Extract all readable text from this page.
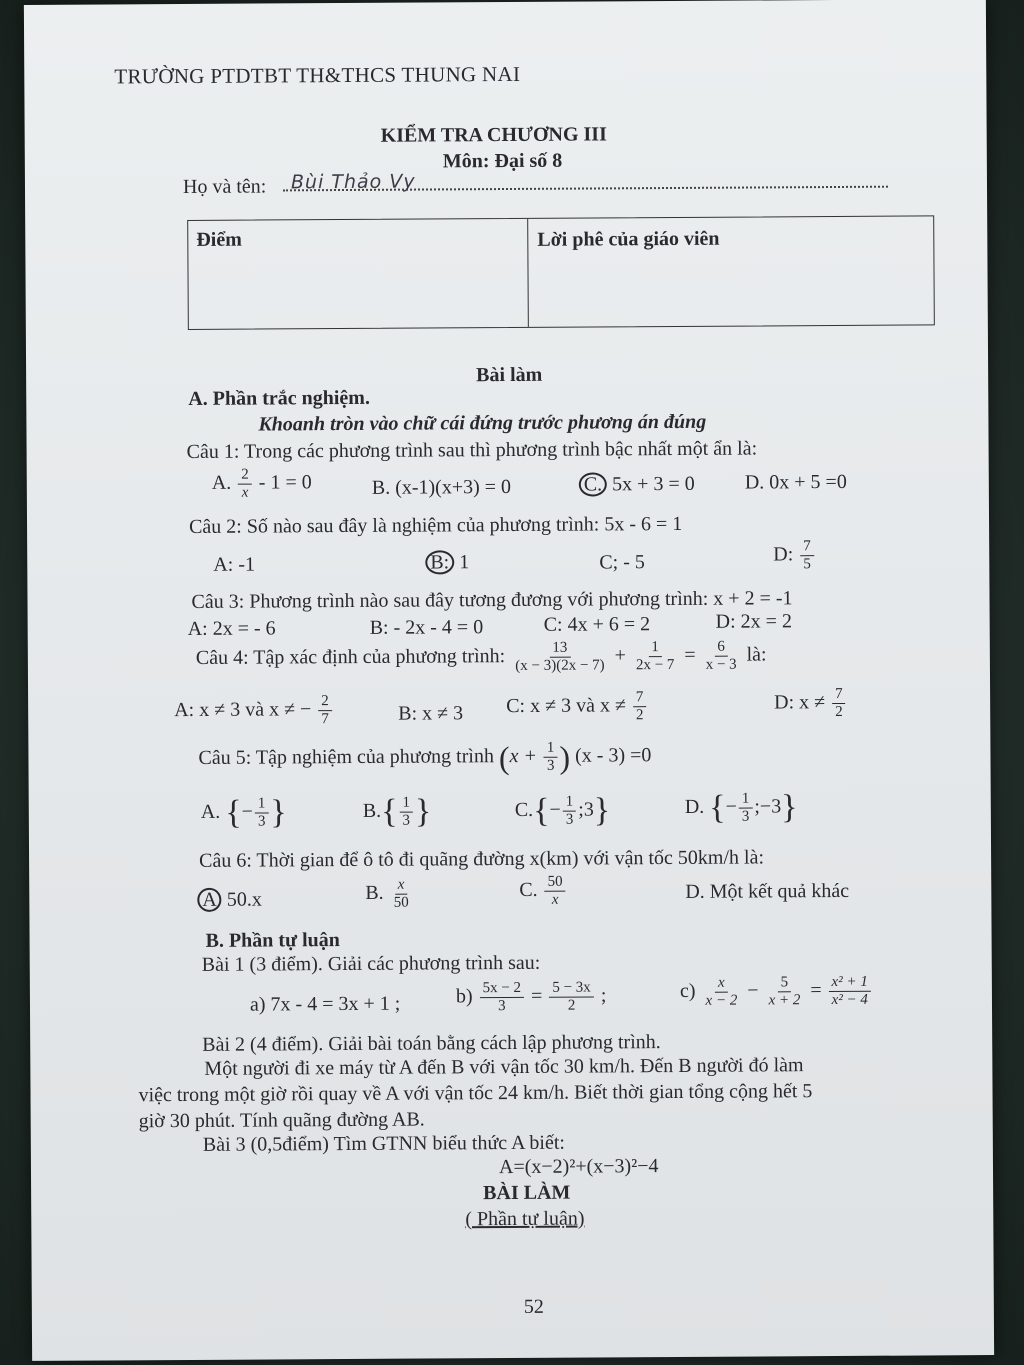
TRƯỜNG PTDTBT TH&THCS THUNG NAI
KIỂM TRA CHƯƠNG III
Môn: Đại số 8
Họ và tên: Bùi Thảo Vy
Điểm	Lời phê của giáo viên
Bài làm
A. Phần trắc nghiệm.
Khoanh tròn vào chữ cái đứng trước phương án đúng
Câu 1: Trong các phương trình sau thì phương trình bậc nhất một ẩn là:
A. $\frac{2}{x} - 1 = 0$	B. (x-1)(x+3) = 0	C. 5x + 3 = 0 D. 0x + 5 =0
Câu 2: Số nào sau đây là nghiệm của phương trình: 5x - 6 = 1
A: -1	B: 1	C; - 5	D: $\frac{7}{5}$
Câu 3: Phương trình nào sau đây tương đương với phương trình: x + 2 = -1
A: 2x = - 6	B: - 2x - 4 = 0	C: 4x + 6 = 2	D: 2x = 2
Câu 4: Tập xác định của phương trình: $\frac{13}{(x - 3)(2x - 7)} + \frac{1}{2x - 7} = \frac{6}{x - 3}$ là:
A: x ≠ 3 và x ≠ − $\frac{2}{7}$	B: x ≠ 3 C: x ≠ 3 và $x \ne \frac{7}{2}$	D: $x \ne \frac{7}{2}$
Câu 5: Tập nghiệm của phương trình ($x + \frac{1}{3}$ ) (x - 3) =0
A. {− $\frac{1}{3}$ }	$B.\{ \frac{1}{3}$ }	$C.\{- \frac{1}{3}$ ;3}	D. {− $\frac{1}{3}$ ;−3}
Câu 6: Thời gian để ô tô đi quãng đường x(km) với vận tốc 50km/h là:
A 50.x	B. $\frac{x}{50}$	C. $\frac{50}{x}$	D. Một kết quả khác
B. Phần tự luận
Bài 1 (3 điểm). Giải các phương trình sau:
a) 7x - 4 = 3x + 1 ;	$b) \frac{5x - 2}{3} = \frac{5 - 3x}{2}$ ;	$c) \frac{x}{x - 2} - \frac{5}{x + 2} = \frac{\text{x² + 1}}{\text{x² − 4}}$
Bài 2 (4 điểm). Giải bài toán bằng cách lập phương trình.
Một người đi xe máy từ A đến B với vận tốc 30 km/h. Đến B người đó làm
việc trong một giờ rồi quay về A với vận tốc 24 km/h. Biết thời gian tổng cộng hết 5
giờ 30 phút. Tính quãng đường AB.
Bài 3 (0,5điểm) Tìm GTNN biểu thức A biết:
A=(x−2)²+(x−3)²−4
BÀI LÀM
( Phần tự luận)
52
